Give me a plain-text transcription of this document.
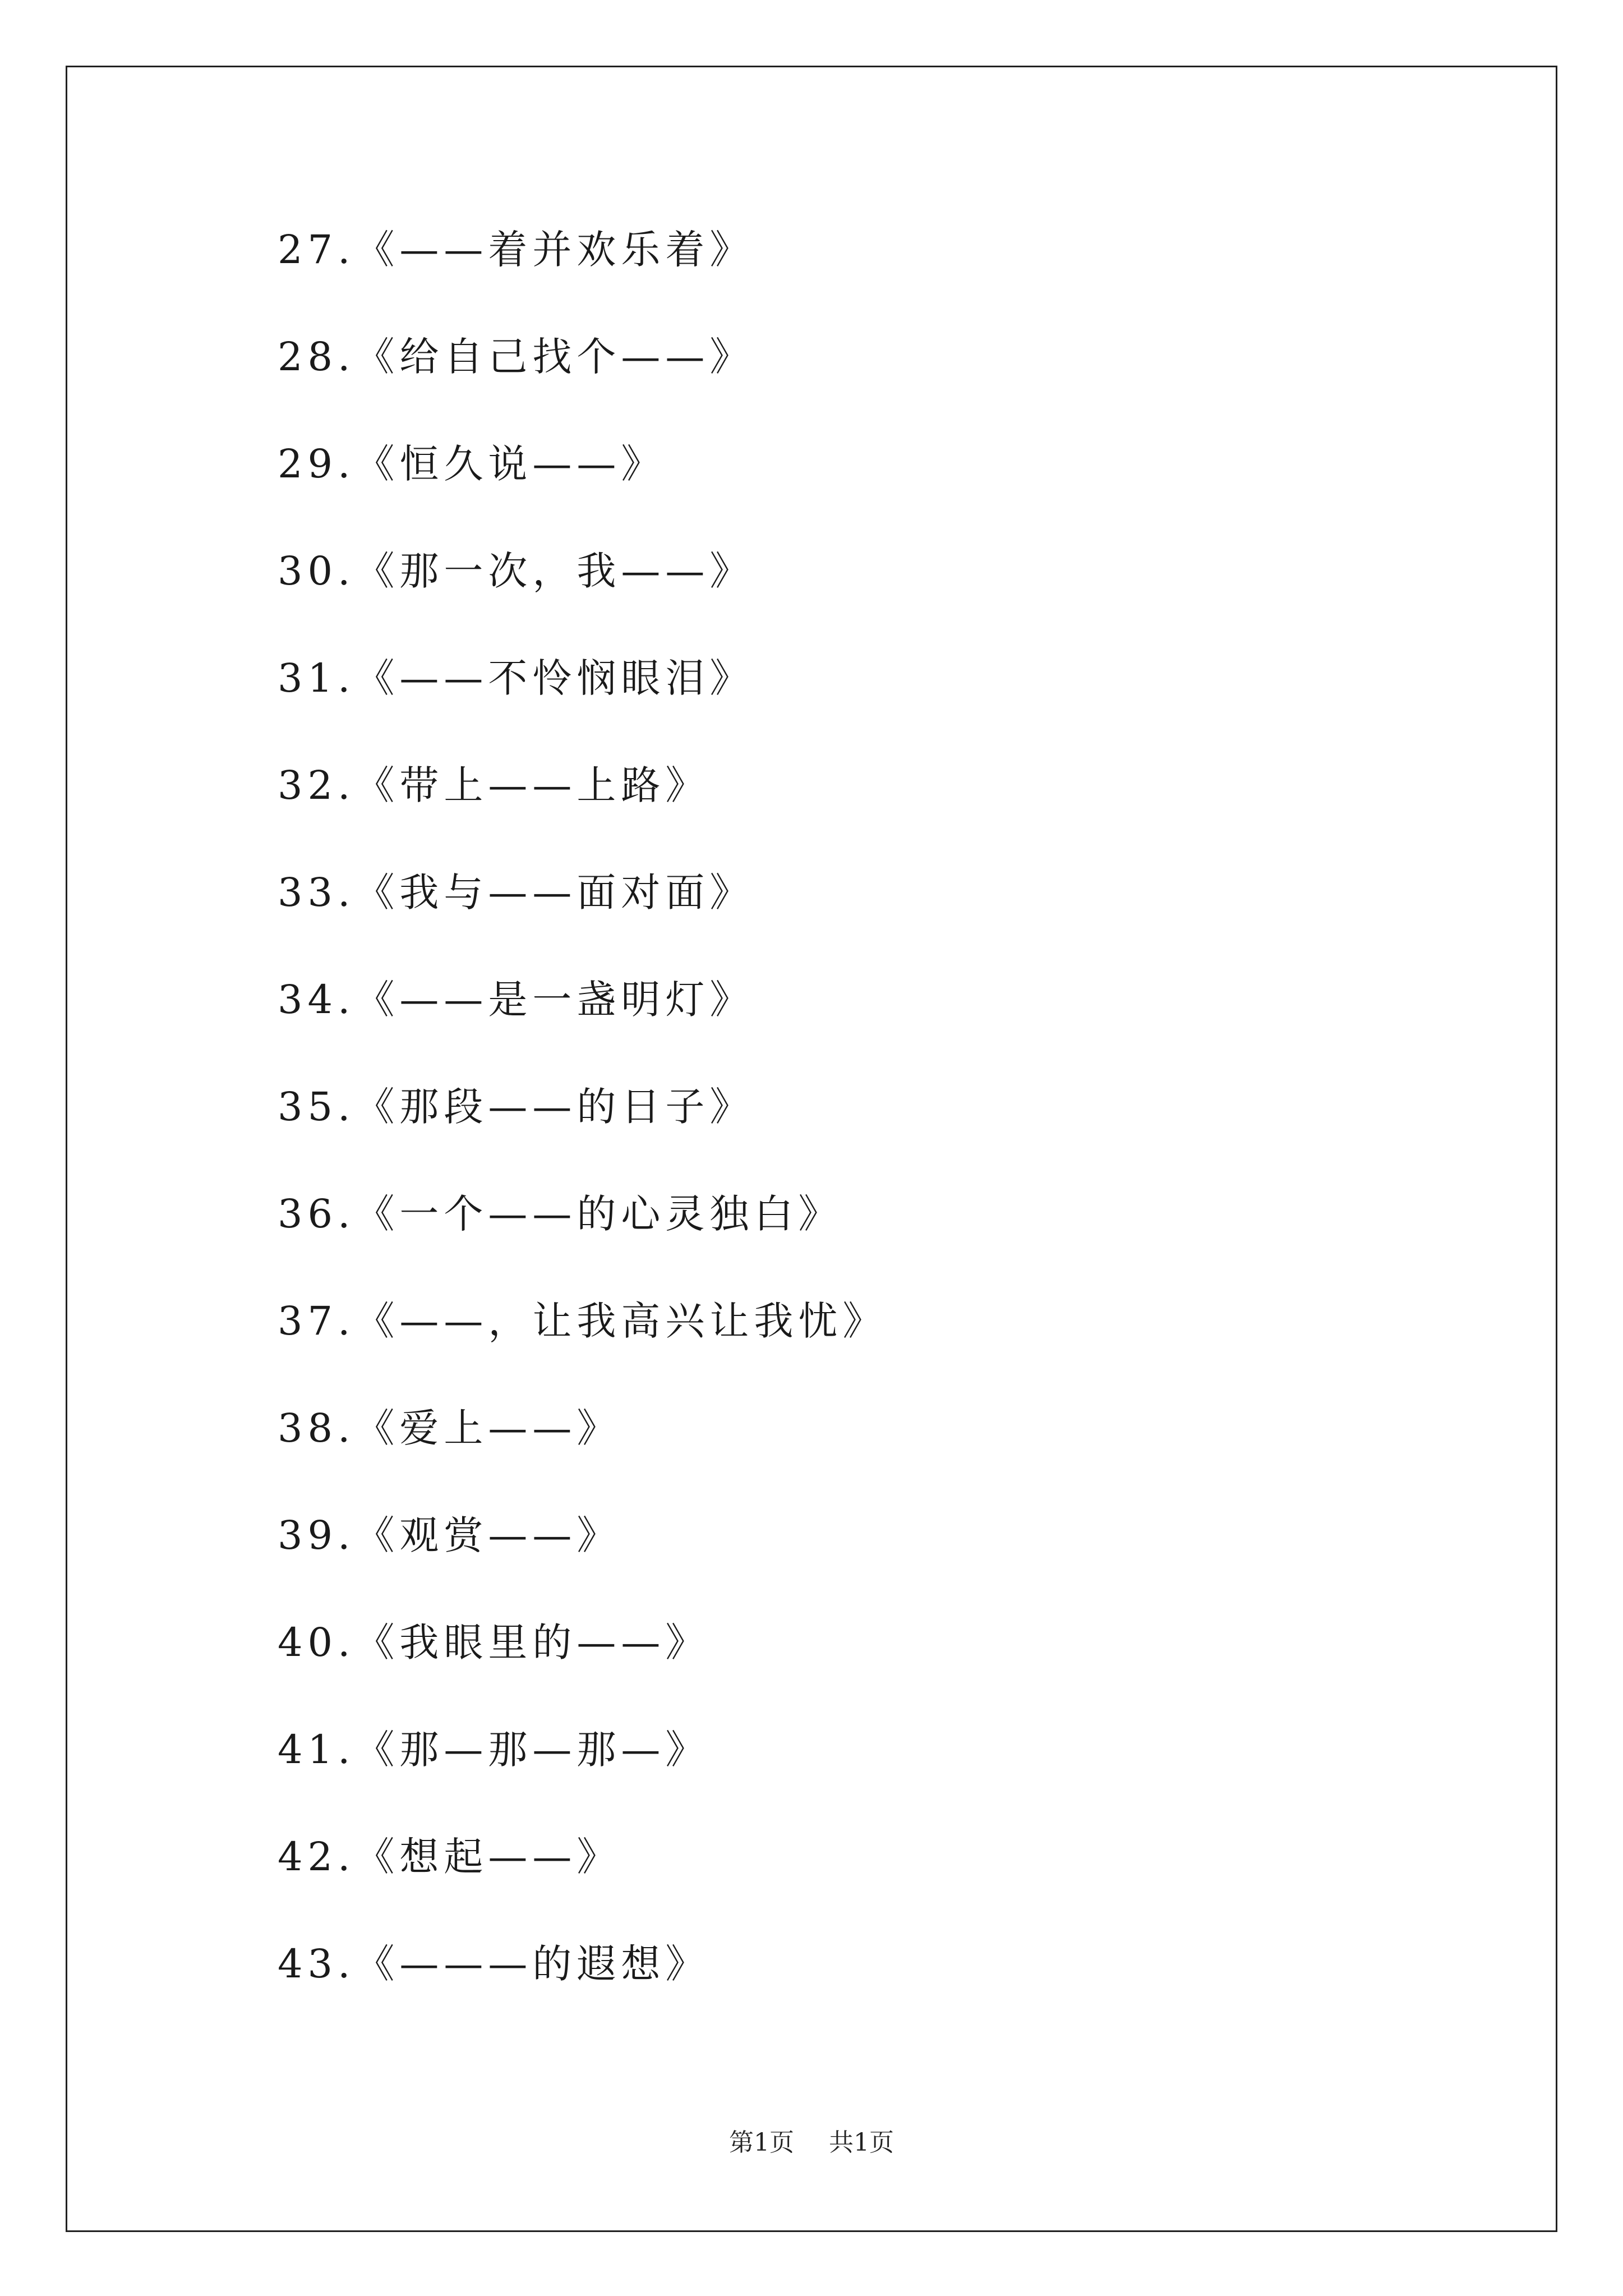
27.《——着并欢乐着》
28.《给自己找个——》
29.《恒久说——》
30.《那一次，我——》
31.《——不怜悯眼泪》
32.《带上——上路》
33.《我与——面对面》
34.《——是一盏明灯》
35.《那段——的日子》
36.《一个——的心灵独白》
37.《——，让我高兴让我忧》
38.《爱上——》
39.《观赏——》
40.《我眼里的——》
41.《那—那—那—》
42.《想起——》
43.《———的遐想》
第1页 共1页
